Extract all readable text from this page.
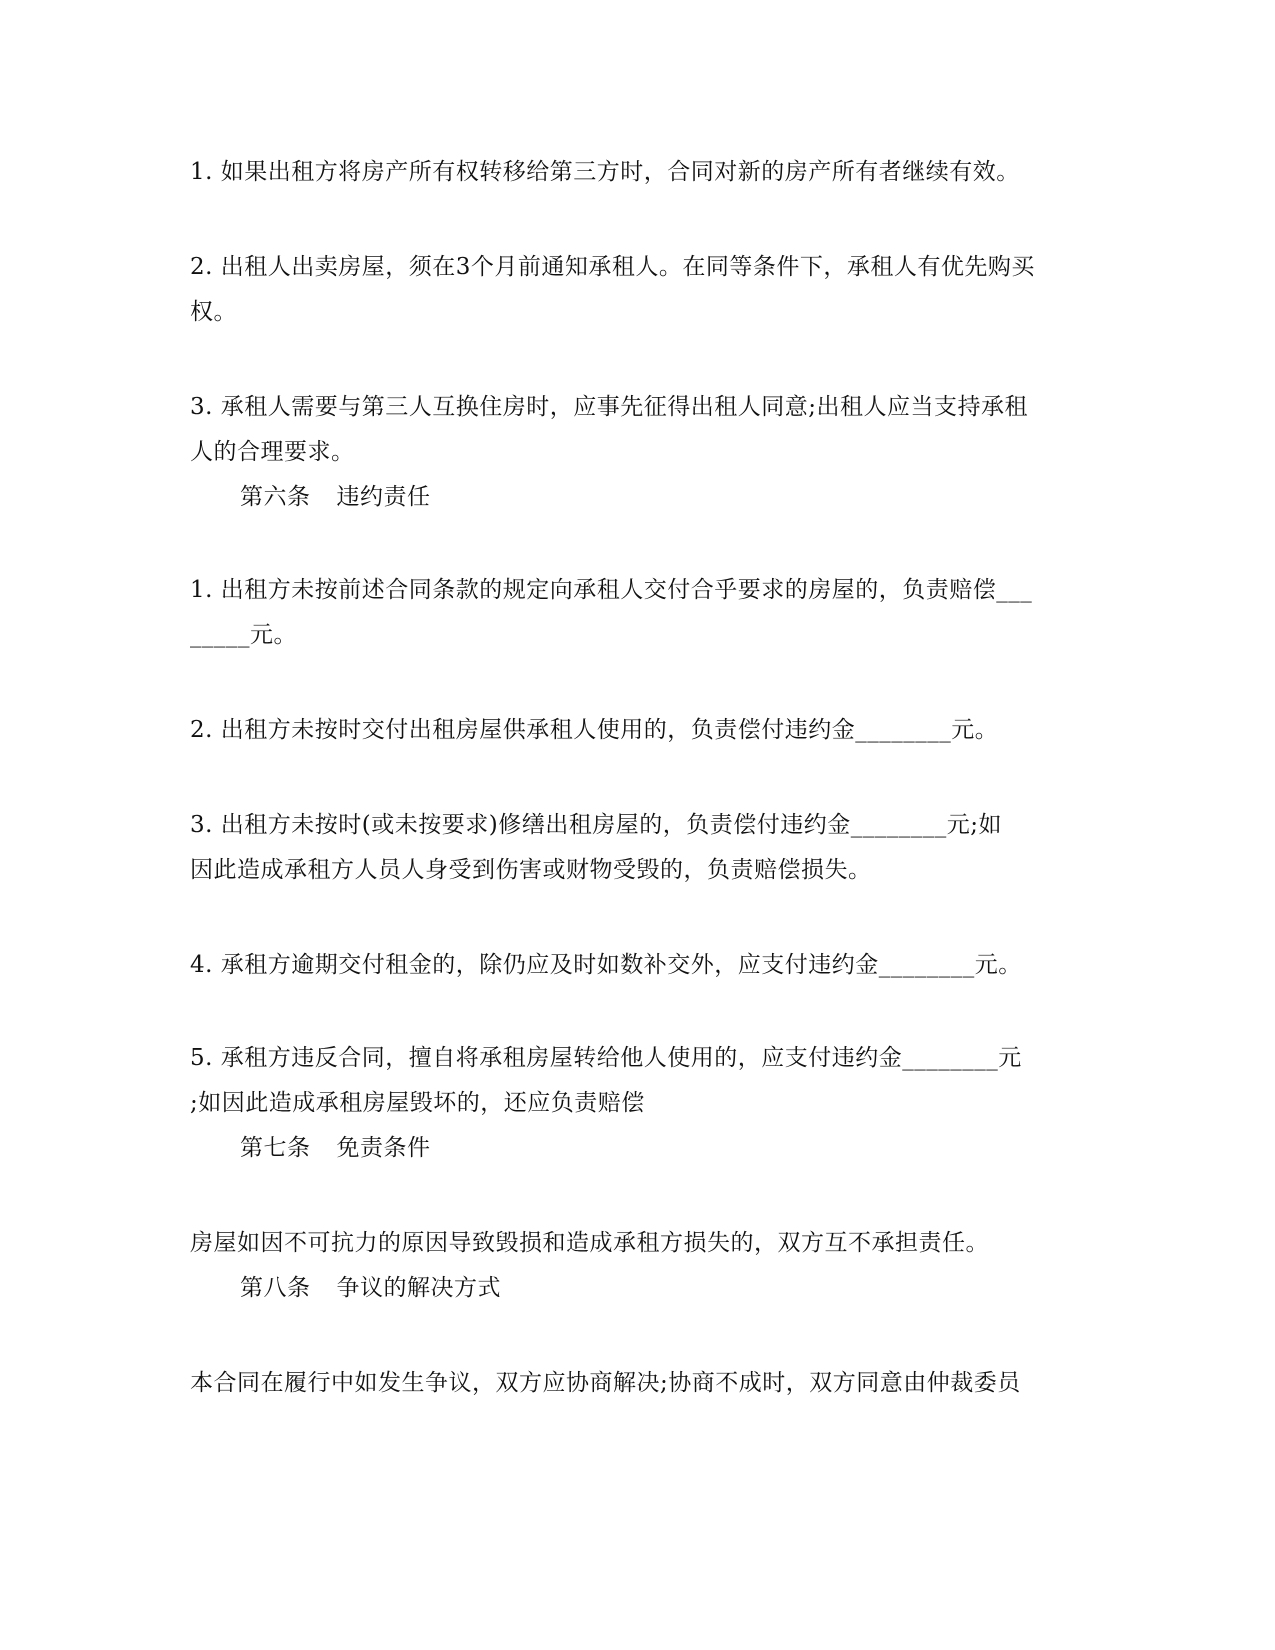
1. 如果出租方将房产所有权转移给第三方时，合同对新的房产所有者继续有效。
2. 出租人出卖房屋，须在3个月前通知承租人。在同等条件下，承租人有优先购买
权。
3. 承租人需要与第三人互换住房时，应事先征得出租人同意;出租人应当支持承租
人的合理要求。
第六条 违约责任
1. 出租方未按前述合同条款的规定向承租人交付合乎要求的房屋的，负责赔偿___
_____元。
2. 出租方未按时交付出租房屋供承租人使用的，负责偿付违约金________元。
3. 出租方未按时(或未按要求)修缮出租房屋的，负责偿付违约金________元;如
因此造成承租方人员人身受到伤害或财物受毁的，负责赔偿损失。
4. 承租方逾期交付租金的，除仍应及时如数补交外，应支付违约金________元。
5. 承租方违反合同，擅自将承租房屋转给他人使用的，应支付违约金________元
;如因此造成承租房屋毁坏的，还应负责赔偿
第七条 免责条件
房屋如因不可抗力的原因导致毁损和造成承租方损失的，双方互不承担责任。
第八条 争议的解决方式
本合同在履行中如发生争议，双方应协商解决;协商不成时，双方同意由仲裁委员
